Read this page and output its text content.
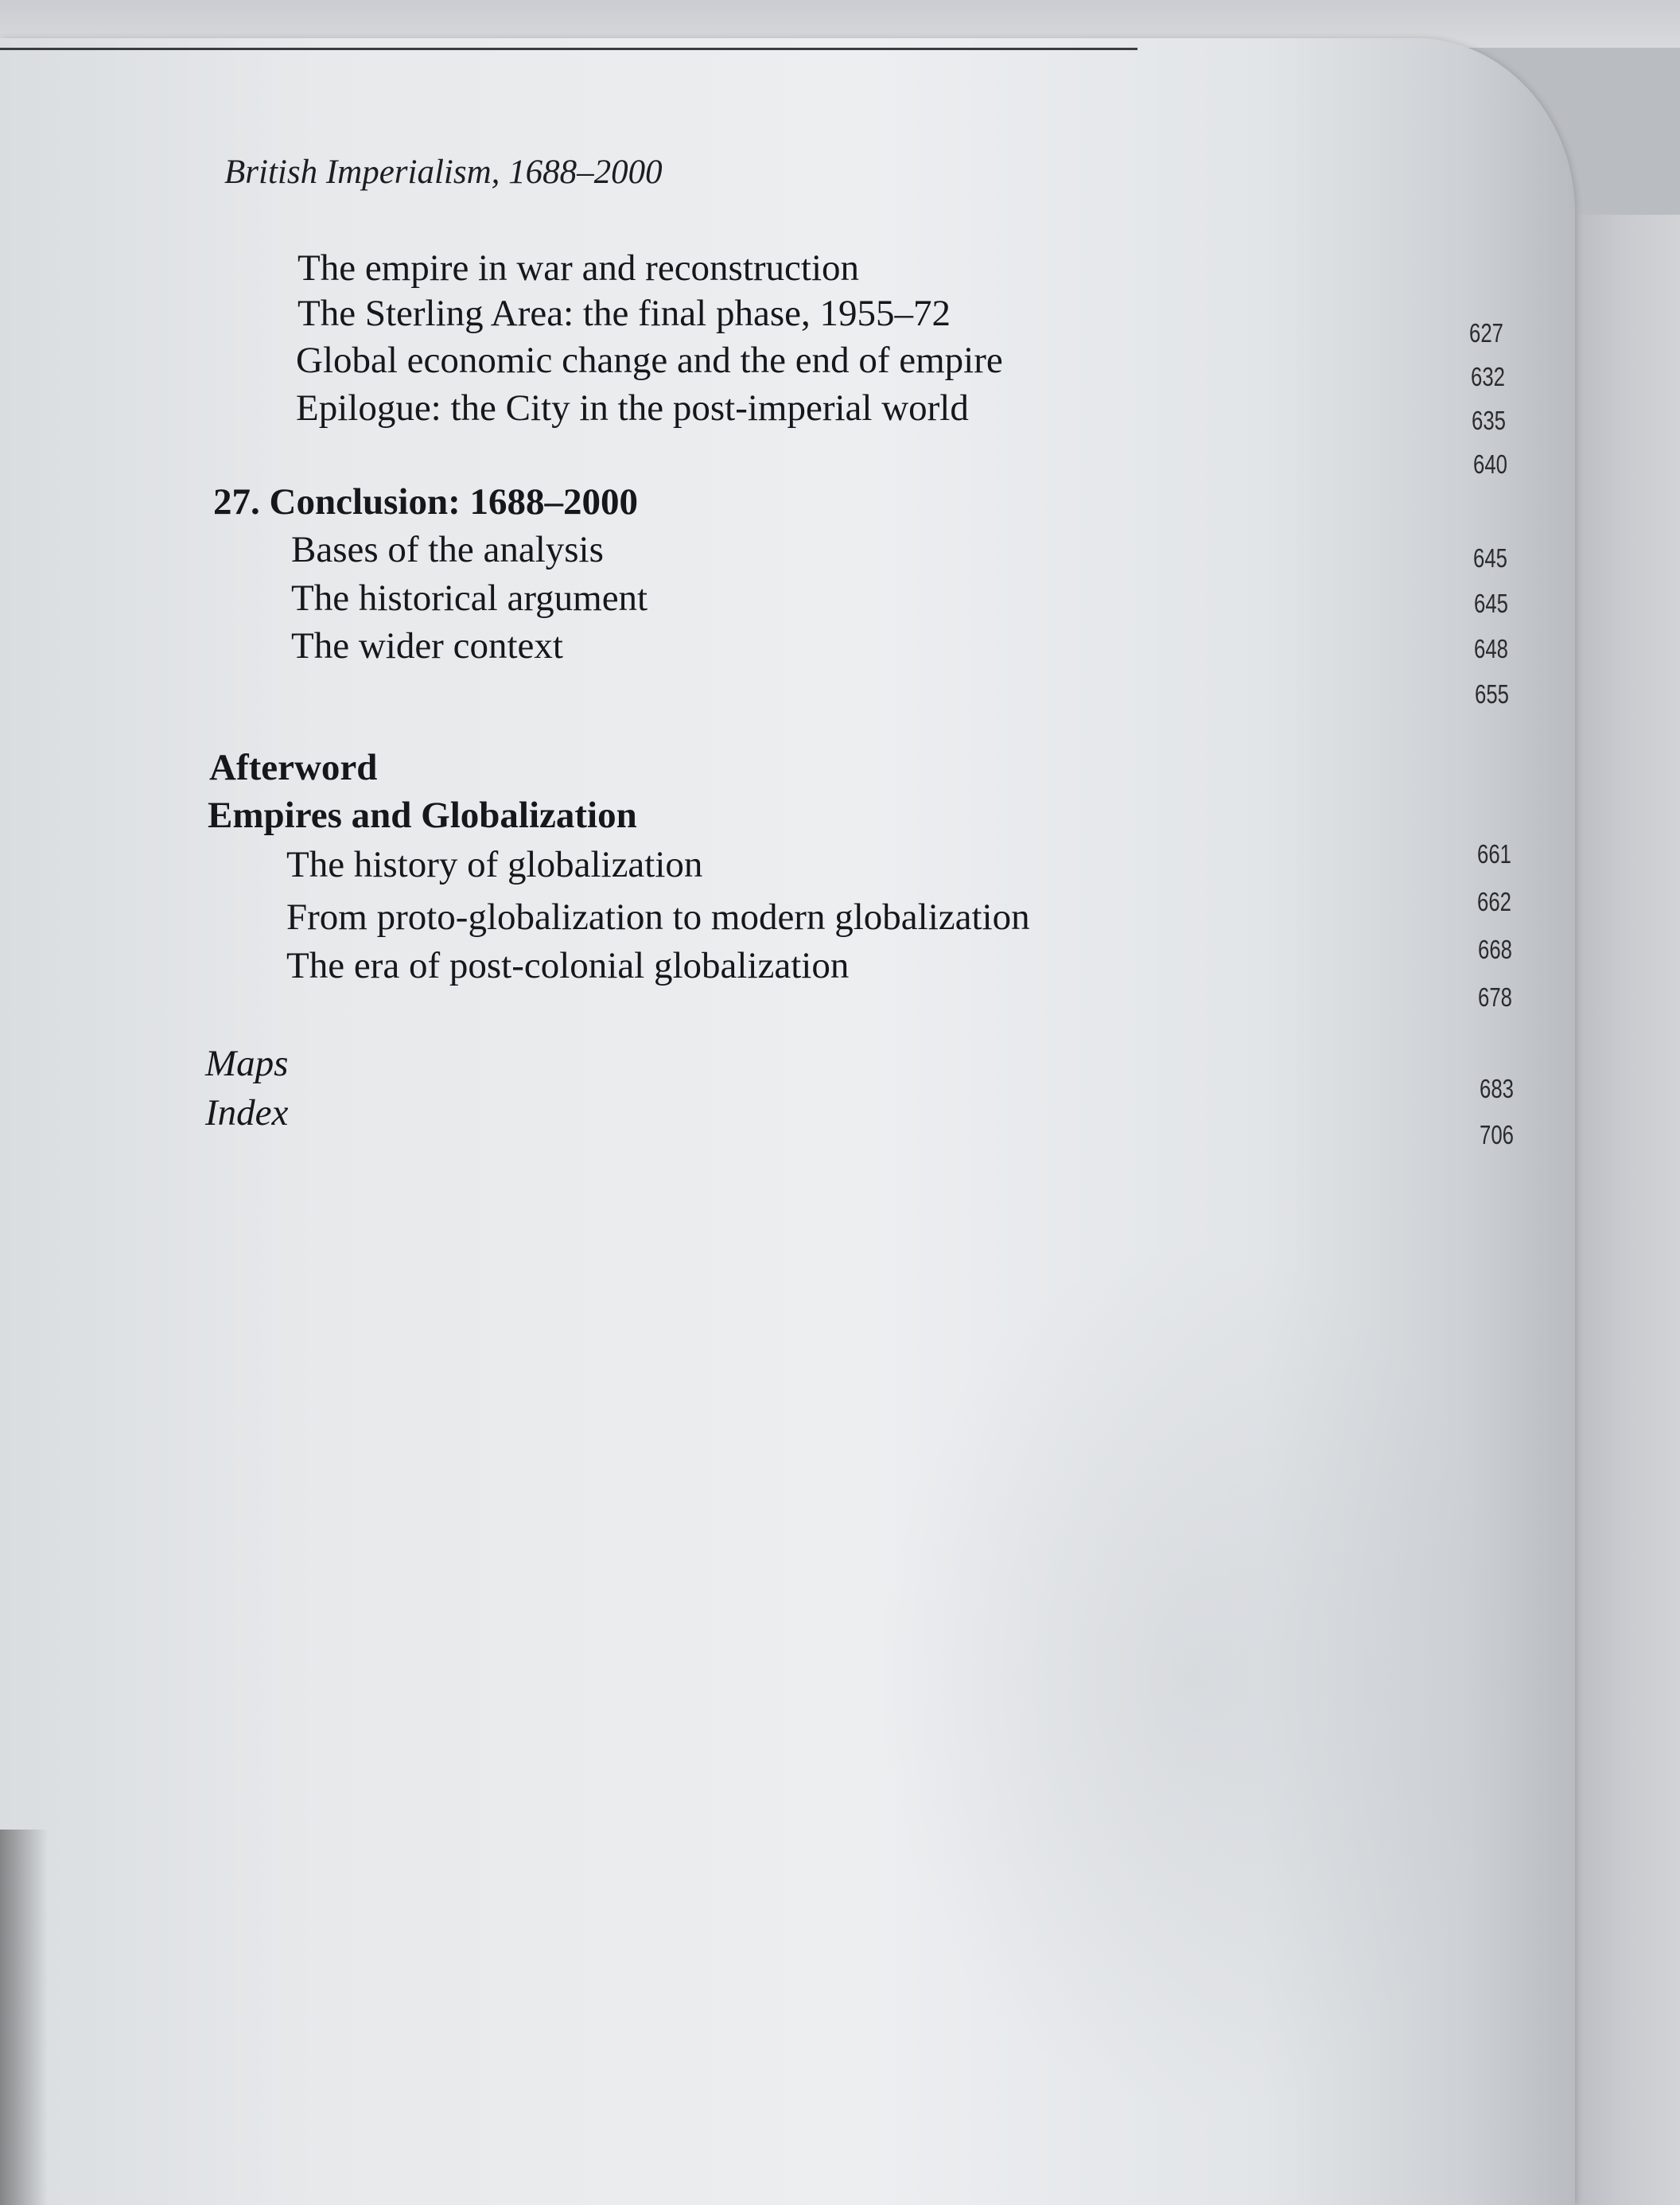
British Imperialism, 1688–2000
The empire in war and reconstruction
The Sterling Area: the final phase, 1955–72
Global economic change and the end of empire
Epilogue: the City in the post-imperial world
27. Conclusion: 1688–2000
Bases of the analysis
The historical argument
The wider context
Afterword
Empires and Globalization
The history of globalization
From proto-globalization to modern globalization
The era of post-colonial globalization
Maps
Index
627
632
635
640
645
645
648
655
661
662
668
678
683
706
